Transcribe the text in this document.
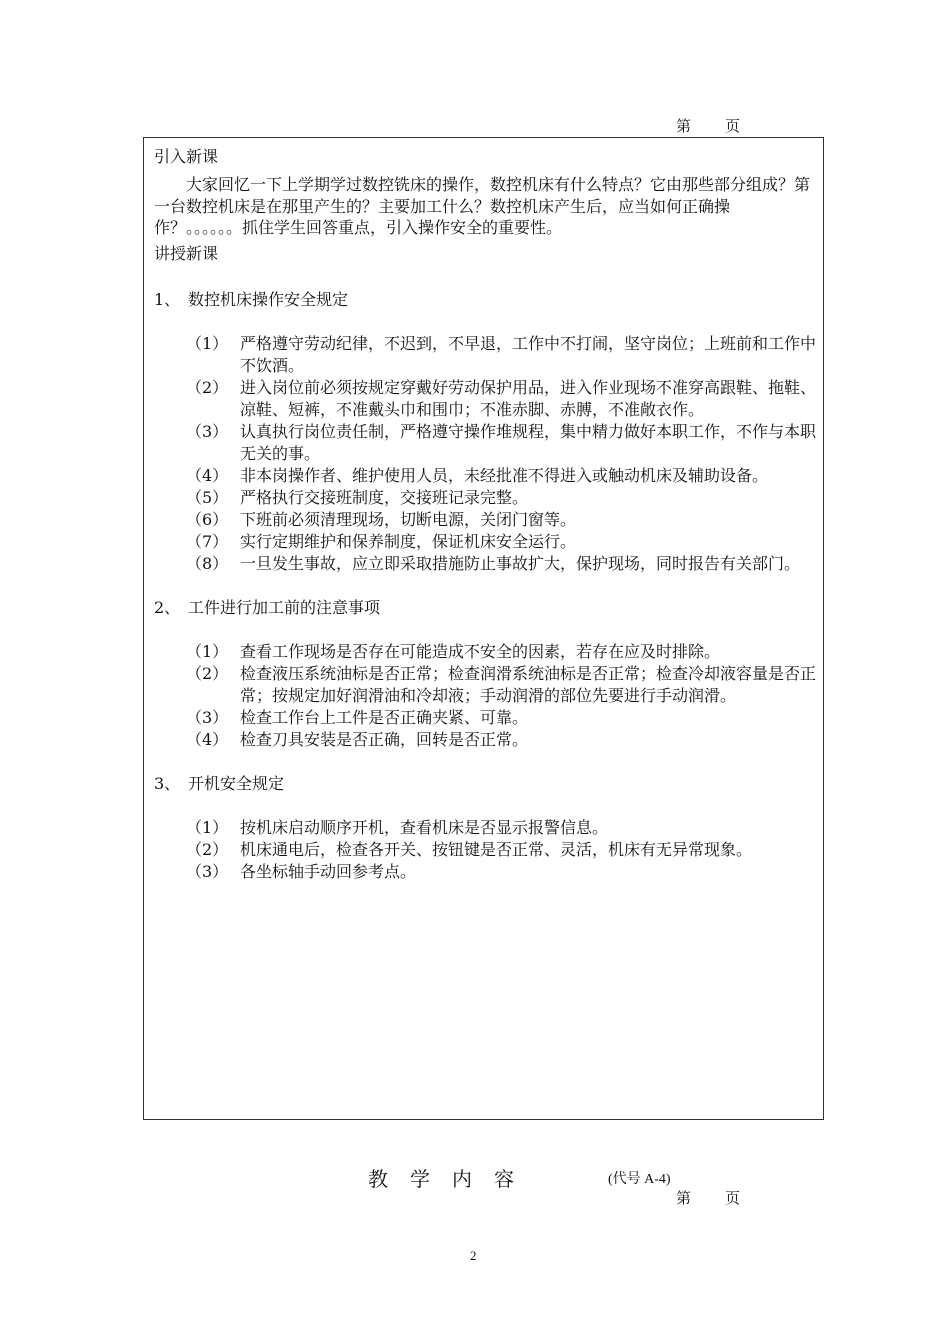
第 页

引入新课

大家回忆一下上学期学过数控铣床的操作，数控机床有什么特点？它由那些部分组成？第一台数控机床是在那里产生的？主要加工什么？数控机床产生后，应当如何正确操作？。。。。。。抓住学生回答重点，引入操作安全的重要性。

讲授新课

1、 数控机床操作安全规定

（1） 严格遵守劳动纪律，不迟到，不早退，工作中不打闹，坚守岗位；上班前和工作中不饮酒。
（2） 进入岗位前必须按规定穿戴好劳动保护用品，进入作业现场不准穿高跟鞋、拖鞋、凉鞋、短裤，不准戴头巾和围巾；不准赤脚、赤膊，不准敞衣作。
（3） 认真执行岗位责任制，严格遵守操作堆规程，集中精力做好本职工作，不作与本职无关的事。
（4） 非本岗操作者、维护使用人员，未经批准不得进入或触动机床及辅助设备。
（5） 严格执行交接班制度，交接班记录完整。
（6） 下班前必须清理现场，切断电源，关闭门窗等。
（7） 实行定期维护和保养制度，保证机床安全运行。
（8） 一旦发生事故，应立即采取措施防止事故扩大，保护现场，同时报告有关部门。

2、 工件进行加工前的注意事项

（1） 查看工作现场是否存在可能造成不安全的因素，若存在应及时排除。
（2） 检查液压系统油标是否正常；检查润滑系统油标是否正常；检查冷却液容量是否正常；按规定加好润滑油和冷却液；手动润滑的部位先要进行手动润滑。
（3） 检查工作台上工件是否正确夹紧、可靠。
（4） 检查刀具安装是否正确，回转是否正常。

3、 开机安全规定

（1） 按机床启动顺序开机，查看机床是否显示报警信息。
（2） 机床通电后，检查各开关、按钮键是否正常、灵活，机床有无异常现象。
（3） 各坐标轴手动回参考点。
教 学 内 容	(代号 A-4)
第 页
2
